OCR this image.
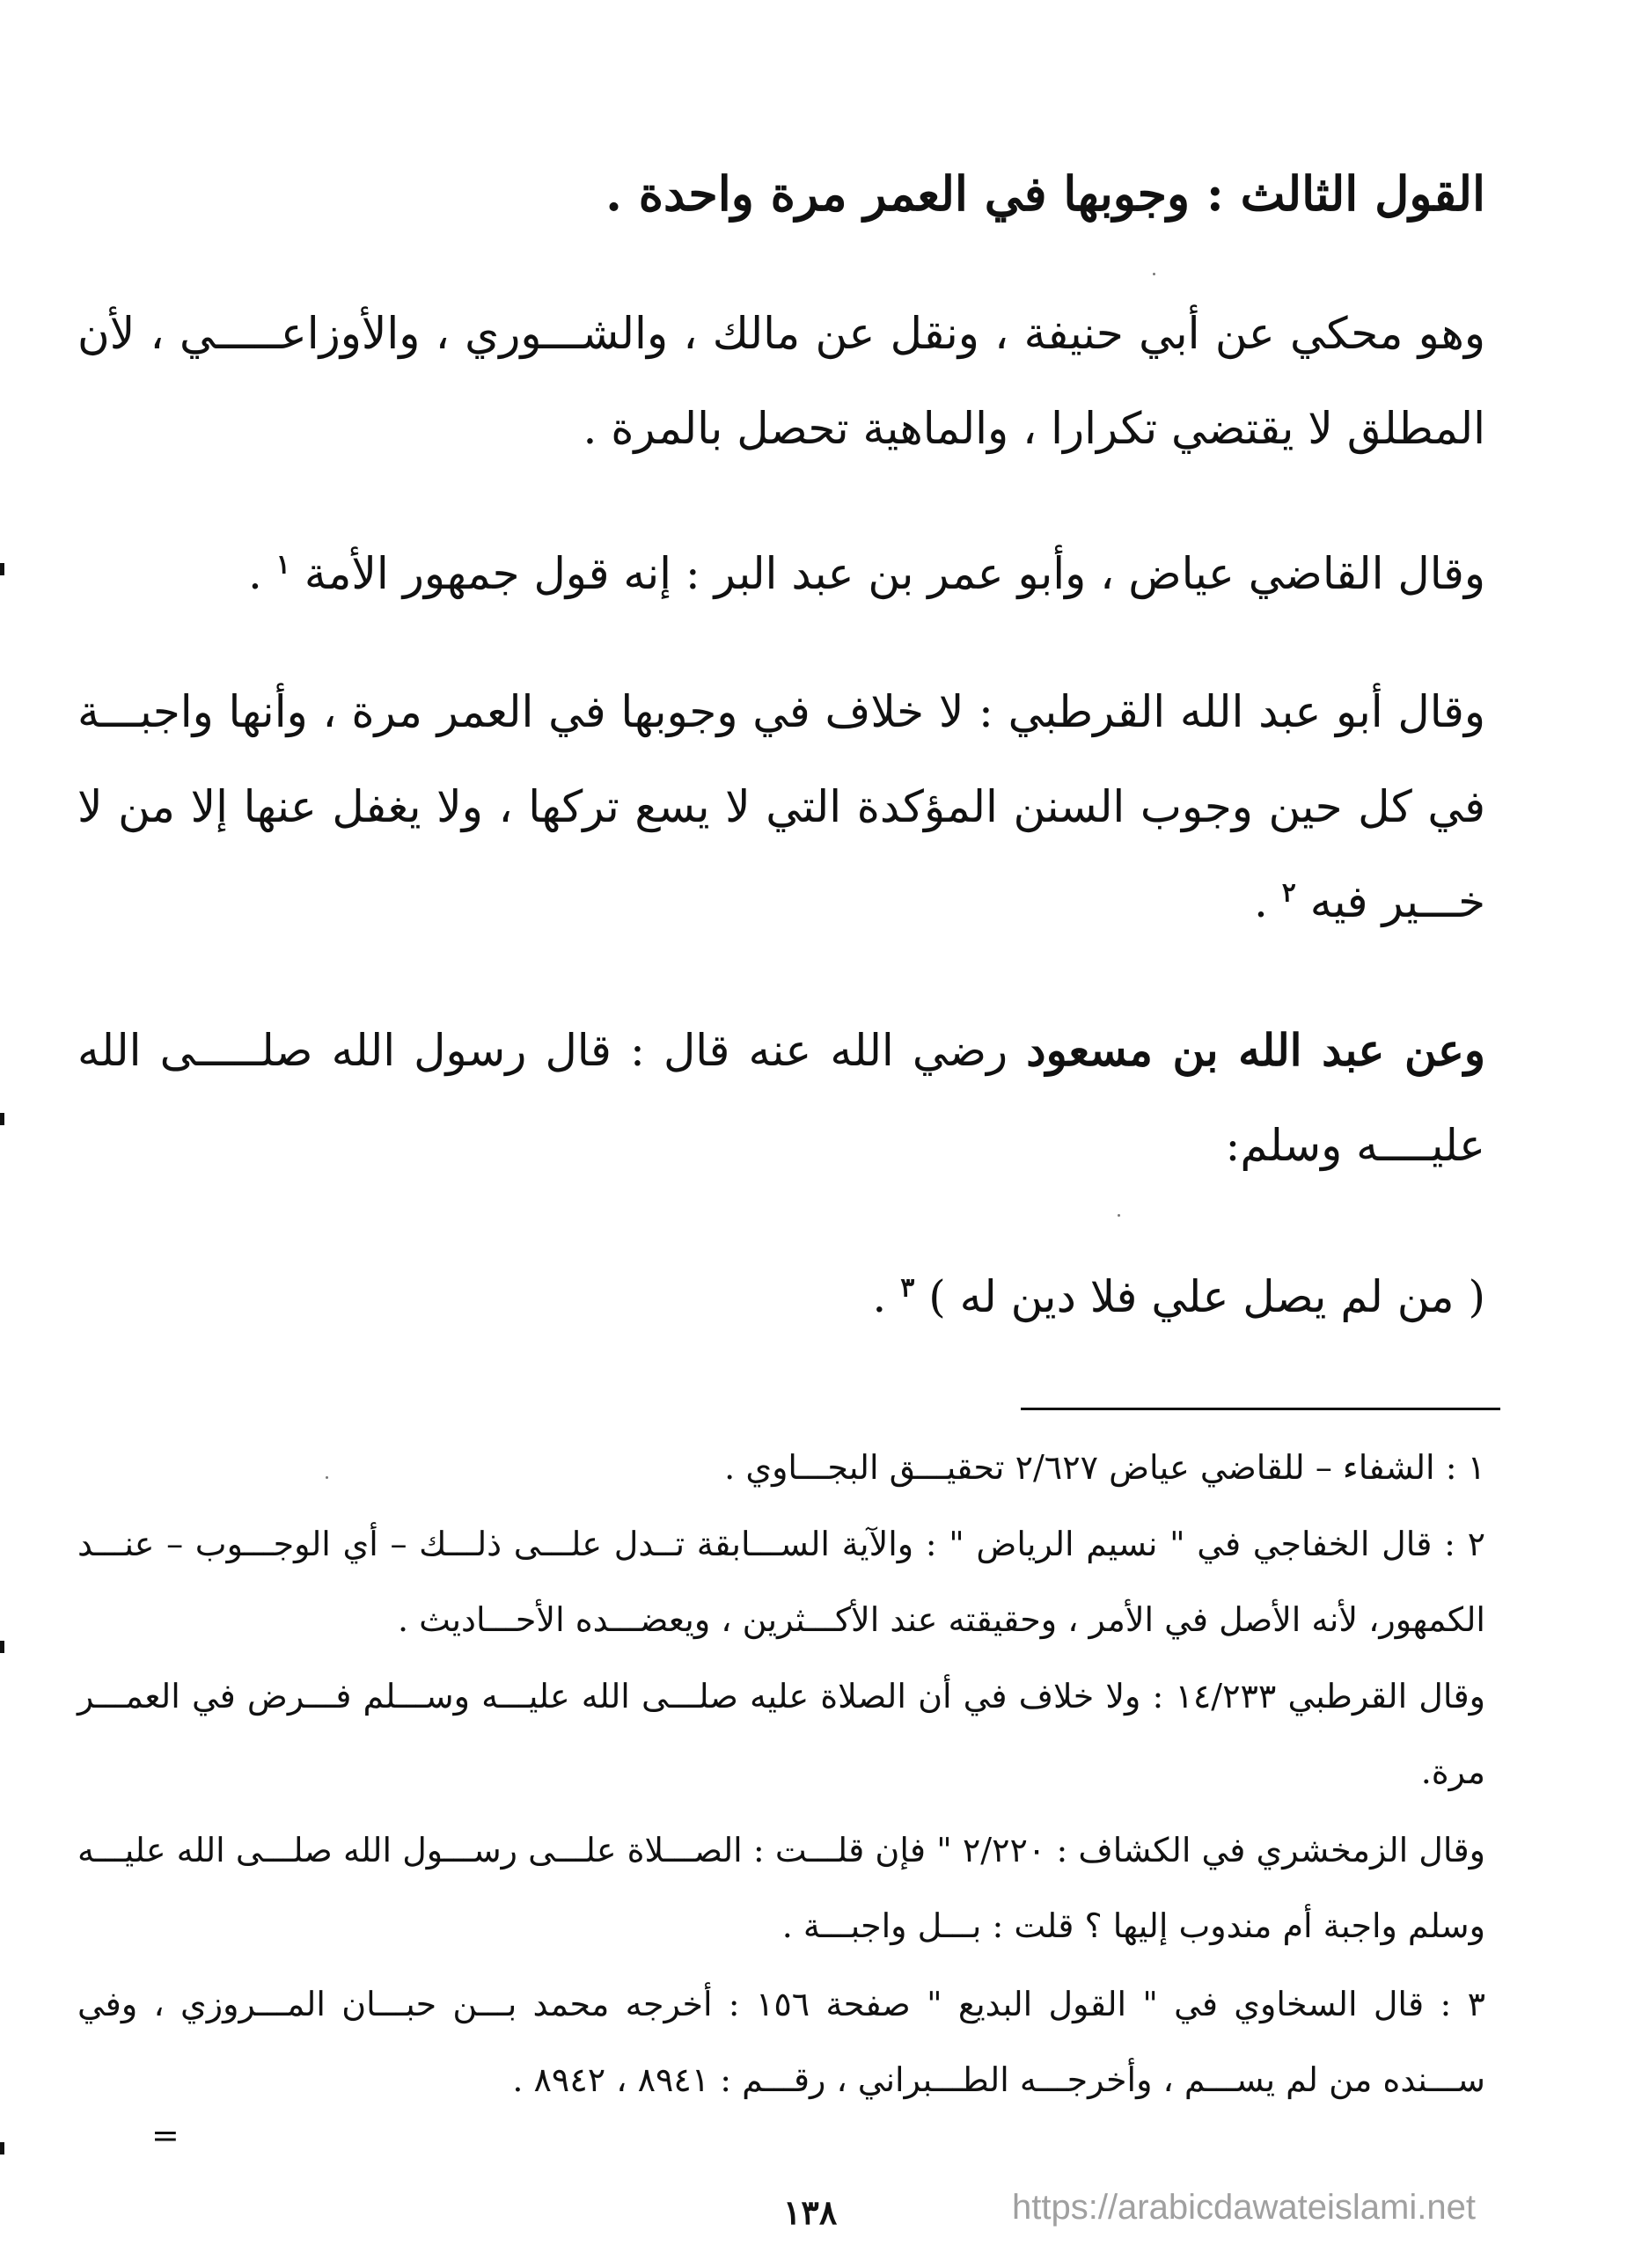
القول الثالث : وجوبها في العمر مرة واحدة .
وهو محكي عن أبي حنيفة ، ونقل عن مالك ، والشـــوري ، والأوزاعـــــي ، لأن المطلق لا يقتضي تكرارا ، والماهية تحصل بالمرة .
وقال القاضي عياض ، وأبو عمر بن عبد البر : إنه قول جمهور الأمة $^١$ .
وقال أبو عبد الله القرطبي : لا خلاف في وجوبها في العمر مرة ، وأنها واجبـــة في كل حين وجوب السنن المؤكدة التي لا يسع تركها ، ولا يغفل عنها إلا من لا خـــير فيه $^٢$ .
وعن عبد الله بن مسعود رضي الله عنه قال : قال رسول الله صلـــــى الله عليــــه وسلم:
( من لم يصل علي فلا دين له ) $^٣$ .
١ : الشفاء – للقاضي عياض ٢/٦٢٧ تحقيـــق البجـــاوي .
٢ : قال الخفاجي في " نسيم الرياض " : والآية الســـابقة تــدل علـــى ذلـــك – أي الوجـــوب – عنـــد الكمهور، لأنه الأصل في الأمر ، وحقيقته عند الأكـــثرين ، ويعضـــده الأحـــاديث .
وقال القرطبي ١٤/٢٣٣ : ولا خلاف في أن الصلاة عليه صلـــى الله عليـــه وســـلم فـــرض في العمـــر مرة.
وقال الزمخشري في الكشاف : ٢/٢٢٠ " فإن قلـــت : الصـــلاة علـــى رســـول الله صلـــى الله عليـــه وسلم واجبة أم مندوب إليها ؟ قلت : بـــل واجبـــة .
٣ : قال السخاوي في " القول البديع " صفحة ١٥٦ : أخرجه محمد بـــن حبـــان المـــروزي ، وفي ســـنده من لم يســـم ، وأخرجـــه الطـــبراني ، رقـــم : ٨٩٤١ ، ٨٩٤٢ .
=
١٣٨	https://arabicdawateislami.net
